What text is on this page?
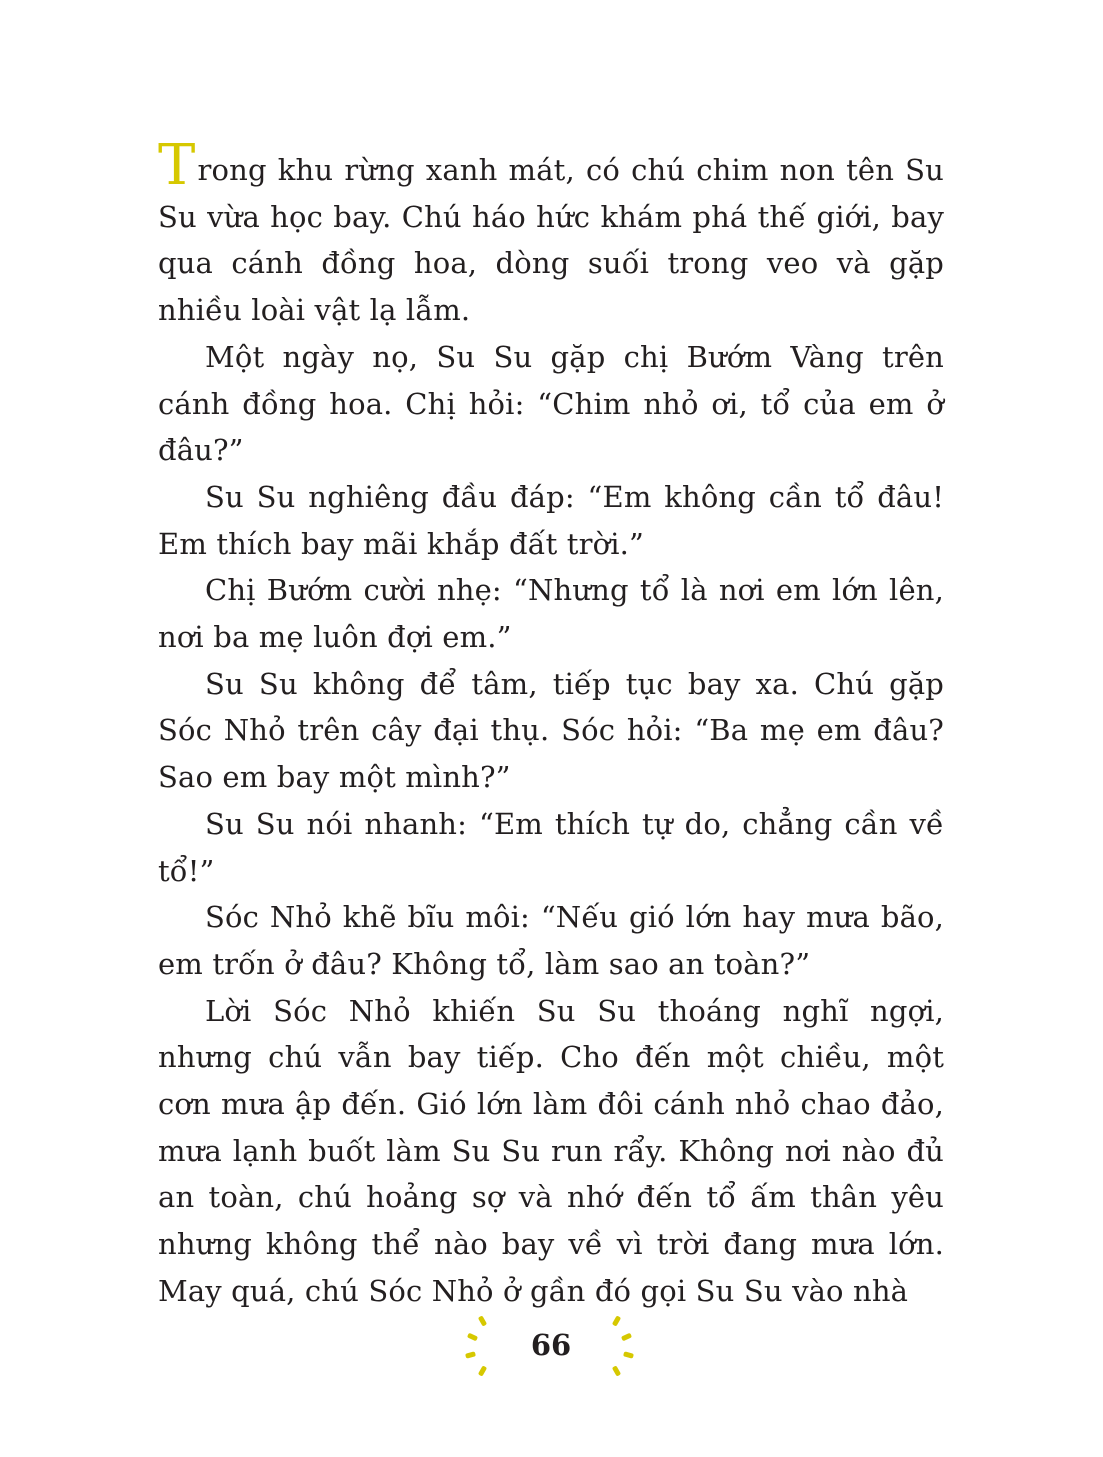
Trong khu rừng xanh mát, có chú chim non tên Su Su vừa học bay. Chú háo hức khám phá thế giới, bay qua cánh đồng hoa, dòng suối trong veo và gặp nhiều loài vật lạ lẫm.

Một ngày nọ, Su Su gặp chị Bướm Vàng trên cánh đồng hoa. Chị hỏi: “Chim nhỏ ơi, tổ của em ở đâu?”

Su Su nghiêng đầu đáp: “Em không cần tổ đâu! Em thích bay mãi khắp đất trời.”

Chị Bướm cười nhẹ: “Nhưng tổ là nơi em lớn lên, nơi ba mẹ luôn đợi em.”

Su Su không để tâm, tiếp tục bay xa. Chú gặp Sóc Nhỏ trên cây đại thụ. Sóc hỏi: “Ba mẹ em đâu? Sao em bay một mình?”

Su Su nói nhanh: “Em thích tự do, chẳng cần về tổ!”

Sóc Nhỏ khẽ bĩu môi: “Nếu gió lớn hay mưa bão, em trốn ở đâu? Không tổ, làm sao an toàn?”

Lời Sóc Nhỏ khiến Su Su thoáng nghĩ ngợi, nhưng chú vẫn bay tiếp. Cho đến một chiều, một cơn mưa ập đến. Gió lớn làm đôi cánh nhỏ chao đảo, mưa lạnh buốt làm Su Su run rẩy. Không nơi nào đủ an toàn, chú hoảng sợ và nhớ đến tổ ấm thân yêu nhưng không thể nào bay về vì trời đang mưa lớn. May quá, chú Sóc Nhỏ ở gần đó gọi Su Su vào nhà

66
